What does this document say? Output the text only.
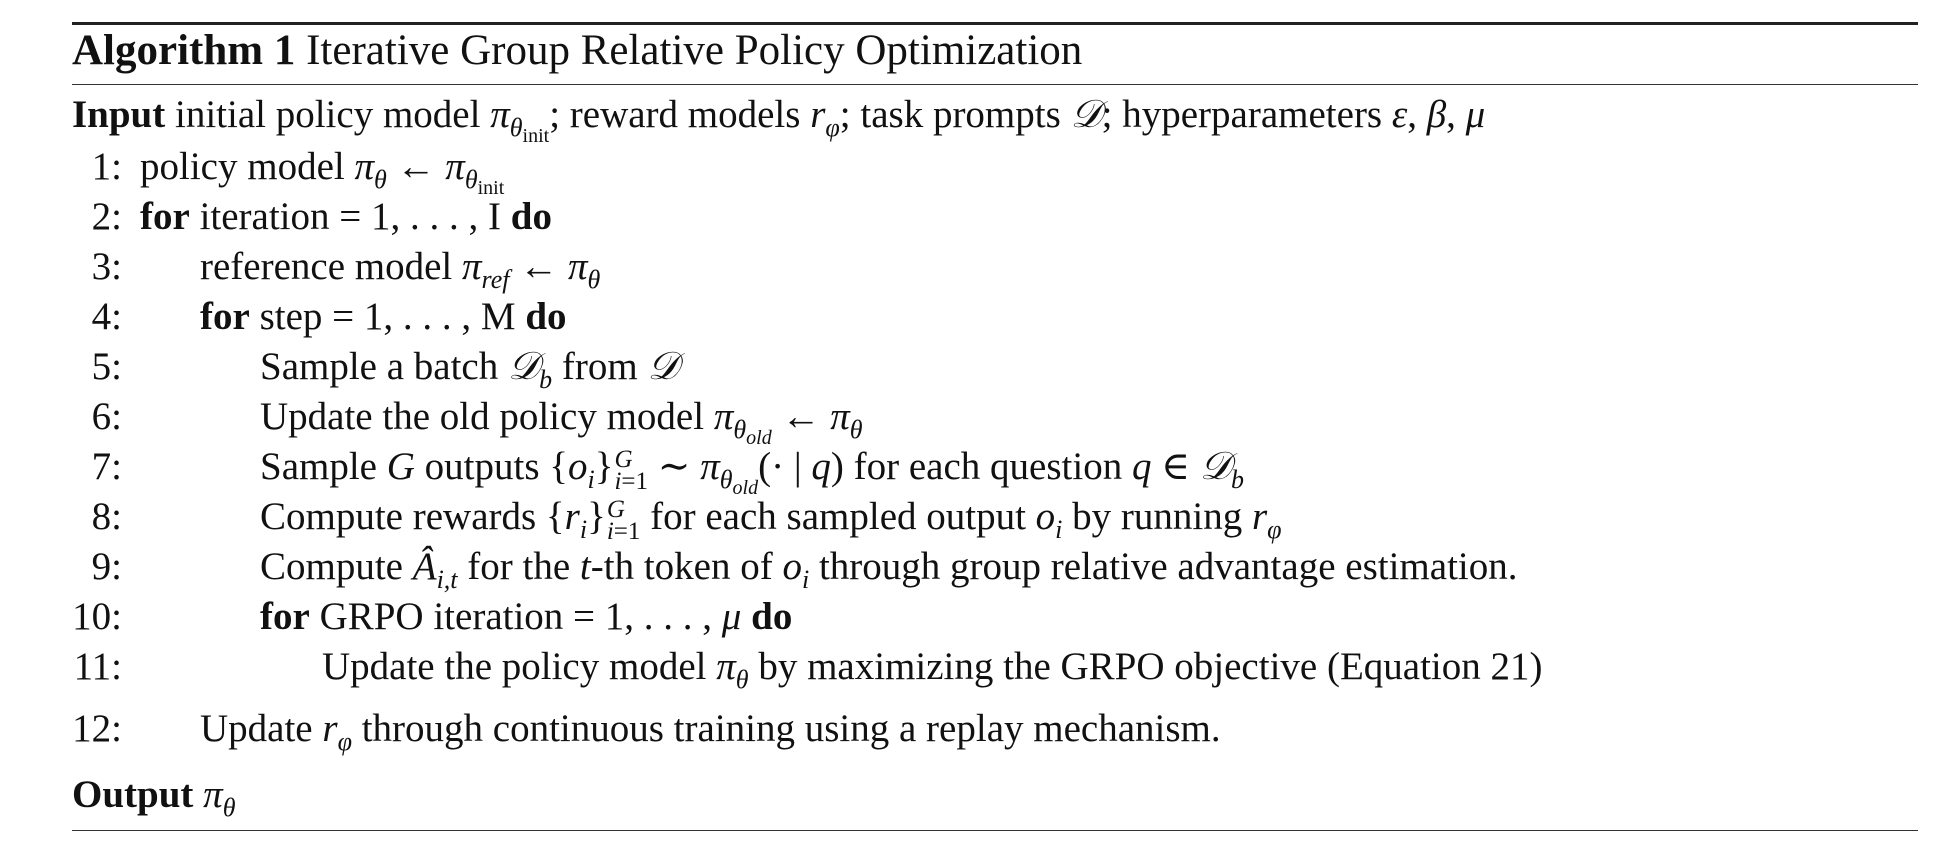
Algorithm 1 Iterative Group Relative Policy Optimization
Input initial policy model $\pi_{\theta_{init}}$; reward models $r_\varphi$; task prompts 𝒟; hyperparameters ε, β, μ
1: policy model $\pi_\theta$ ← $\pi_{\theta_{init}}$
2: for iteration = 1, . . . , I do
3: reference model $\pi_{ref}$ ← $\pi_\theta$
4: for step = 1, . . . , M do
5:	Sample a batch 𝒟$_b$ from 𝒟
6:	Update the old policy model $\pi_{\theta_{old}}$ ← $\pi_\theta$
7:	Sample G outputs $\{o_i\}$ G
i=1 ∼ $\pi_{\theta_{old}}(\cdot$ | q) for each question q ∈ 𝒟$_b$
8:	Compute rewards $\{r_i\}$ G
i=1 for each sampled output $o_i$ by running $r_\varphi$
9:	Compute $Â_{i,t}$ for the t-th token of $o_i$ through group relative advantage estimation.
10:	for GRPO iteration = 1, . . . , μ do
11:	Update the policy model $\pi_\theta$ by maximizing the GRPO objective (Equation 21)
12: Update $r_\varphi$ through continuous training using a replay mechanism.
Output $\pi_\theta$
